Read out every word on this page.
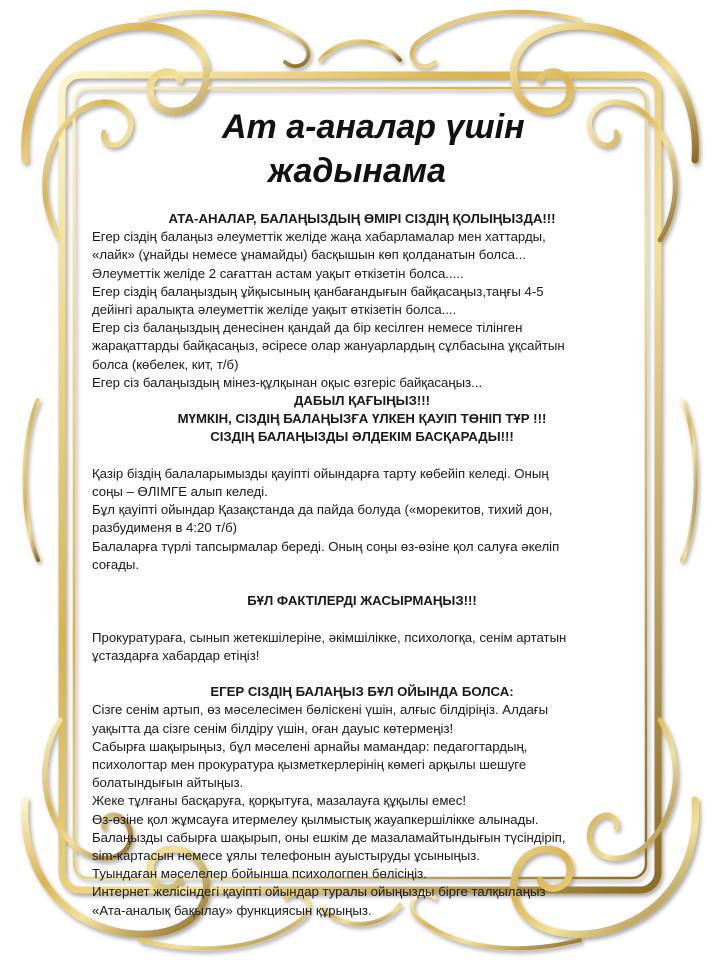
Ат а-аналар үшін
жадынама
АТА-АНАЛАР, БАЛАҢЫЗДЫҢ ӨМІРІ СІЗДІҢ ҚОЛЫҢЫЗДА!!!
Егер сіздің балаңыз әлеуметтік желіде жаңа хабарламалар мен хаттарды,
«лайк» (ұнайды немесе ұнамайды) басқышын көп қолданатын болса...
Әлеуметтік желіде 2 сағаттан астам уақыт өткізетін болса.....
Егер сіздің балаңыздың ұйқысының қанбағандығын байқасаңыз,таңғы 4-5
дейінгі аралықта әлеуметтік желіде уақыт өткізетін болса....
Егер сіз балаңыздың денесінен қандай да бір кесілген немесе тілінген
жарақаттарды байқасаңыз, әсіресе олар жануарлардың сұлбасына ұқсайтын
болса (көбелек, кит, т/б)
Егер сіз балаңыздың мінез-құлқынан оқыс өзгеріс байқасаңыз...
ДАБЫЛ ҚАҒЫҢЫЗ!!!
МҮМКІН, СІЗДІҢ БАЛАҢЫЗҒА ҮЛКЕН ҚАУІП ТӨНІП ТҰР !!!
СІЗДІҢ БАЛАҢЫЗДЫ ӘЛДЕКІМ БАСҚАРАДЫ!!!
Қазір біздің балаларымызды қауіпті ойындарға тарту көбейіп келеді. Оның
соңы – ӨЛІМГЕ алып келеді.
Бұл қауіпті ойындар Қазақстанда да пайда болуда («морекитов, тихий дон,
разбудименя в 4:20 т/б)
Балаларға түрлі тапсырмалар береді. Оның соңы өз-өзіне қол салуға әкеліп
соғады.
БҰЛ ФАКТІЛЕРДІ ЖАСЫРМАҢЫЗ!!!
Прокуратураға, сынып жетекшілеріне, әкімшілікке, психологқа, сенім артатын
ұстаздарға хабардар етіңіз!
ЕГЕР СІЗДІҢ БАЛАҢЫЗ БҰЛ ОЙЫНДА БОЛСА:
Сізге сенім артып, өз мәселесімен бөліскені үшін, алғыс білдіріңіз. Алдағы
уақытта да сізге сенім білдіру үшін, оған дауыс көтермеңіз!
Сабырға шақырыңыз, бұл мәселені арнайы мамандар: педагогтардың,
психологтар мен прокуратура қызметкерлерінің көмегі арқылы шешуге
болатындығын айтыңыз.
Жеке тұлғаны басқаруға, қорқытуға, мазалауға құқылы емес!
Өз-өзіне қол жұмсауға итермелеу қылмыстық жауапкершілікке алынады.
Балаңызды сабырға шақырып, оны ешкім де мазаламайтындығын түсіндіріп,
sim-картасын немесе ұялы телефонын ауыстыруды ұсыныңыз.
Туындаған мәселелер бойынша психологпен бөлісіңіз.
Интернет желісіндегі қауіпті ойындар туралы ойыңызды бірге талқылаңыз
«Ата-аналық бақылау» функциясын құрыңыз.
